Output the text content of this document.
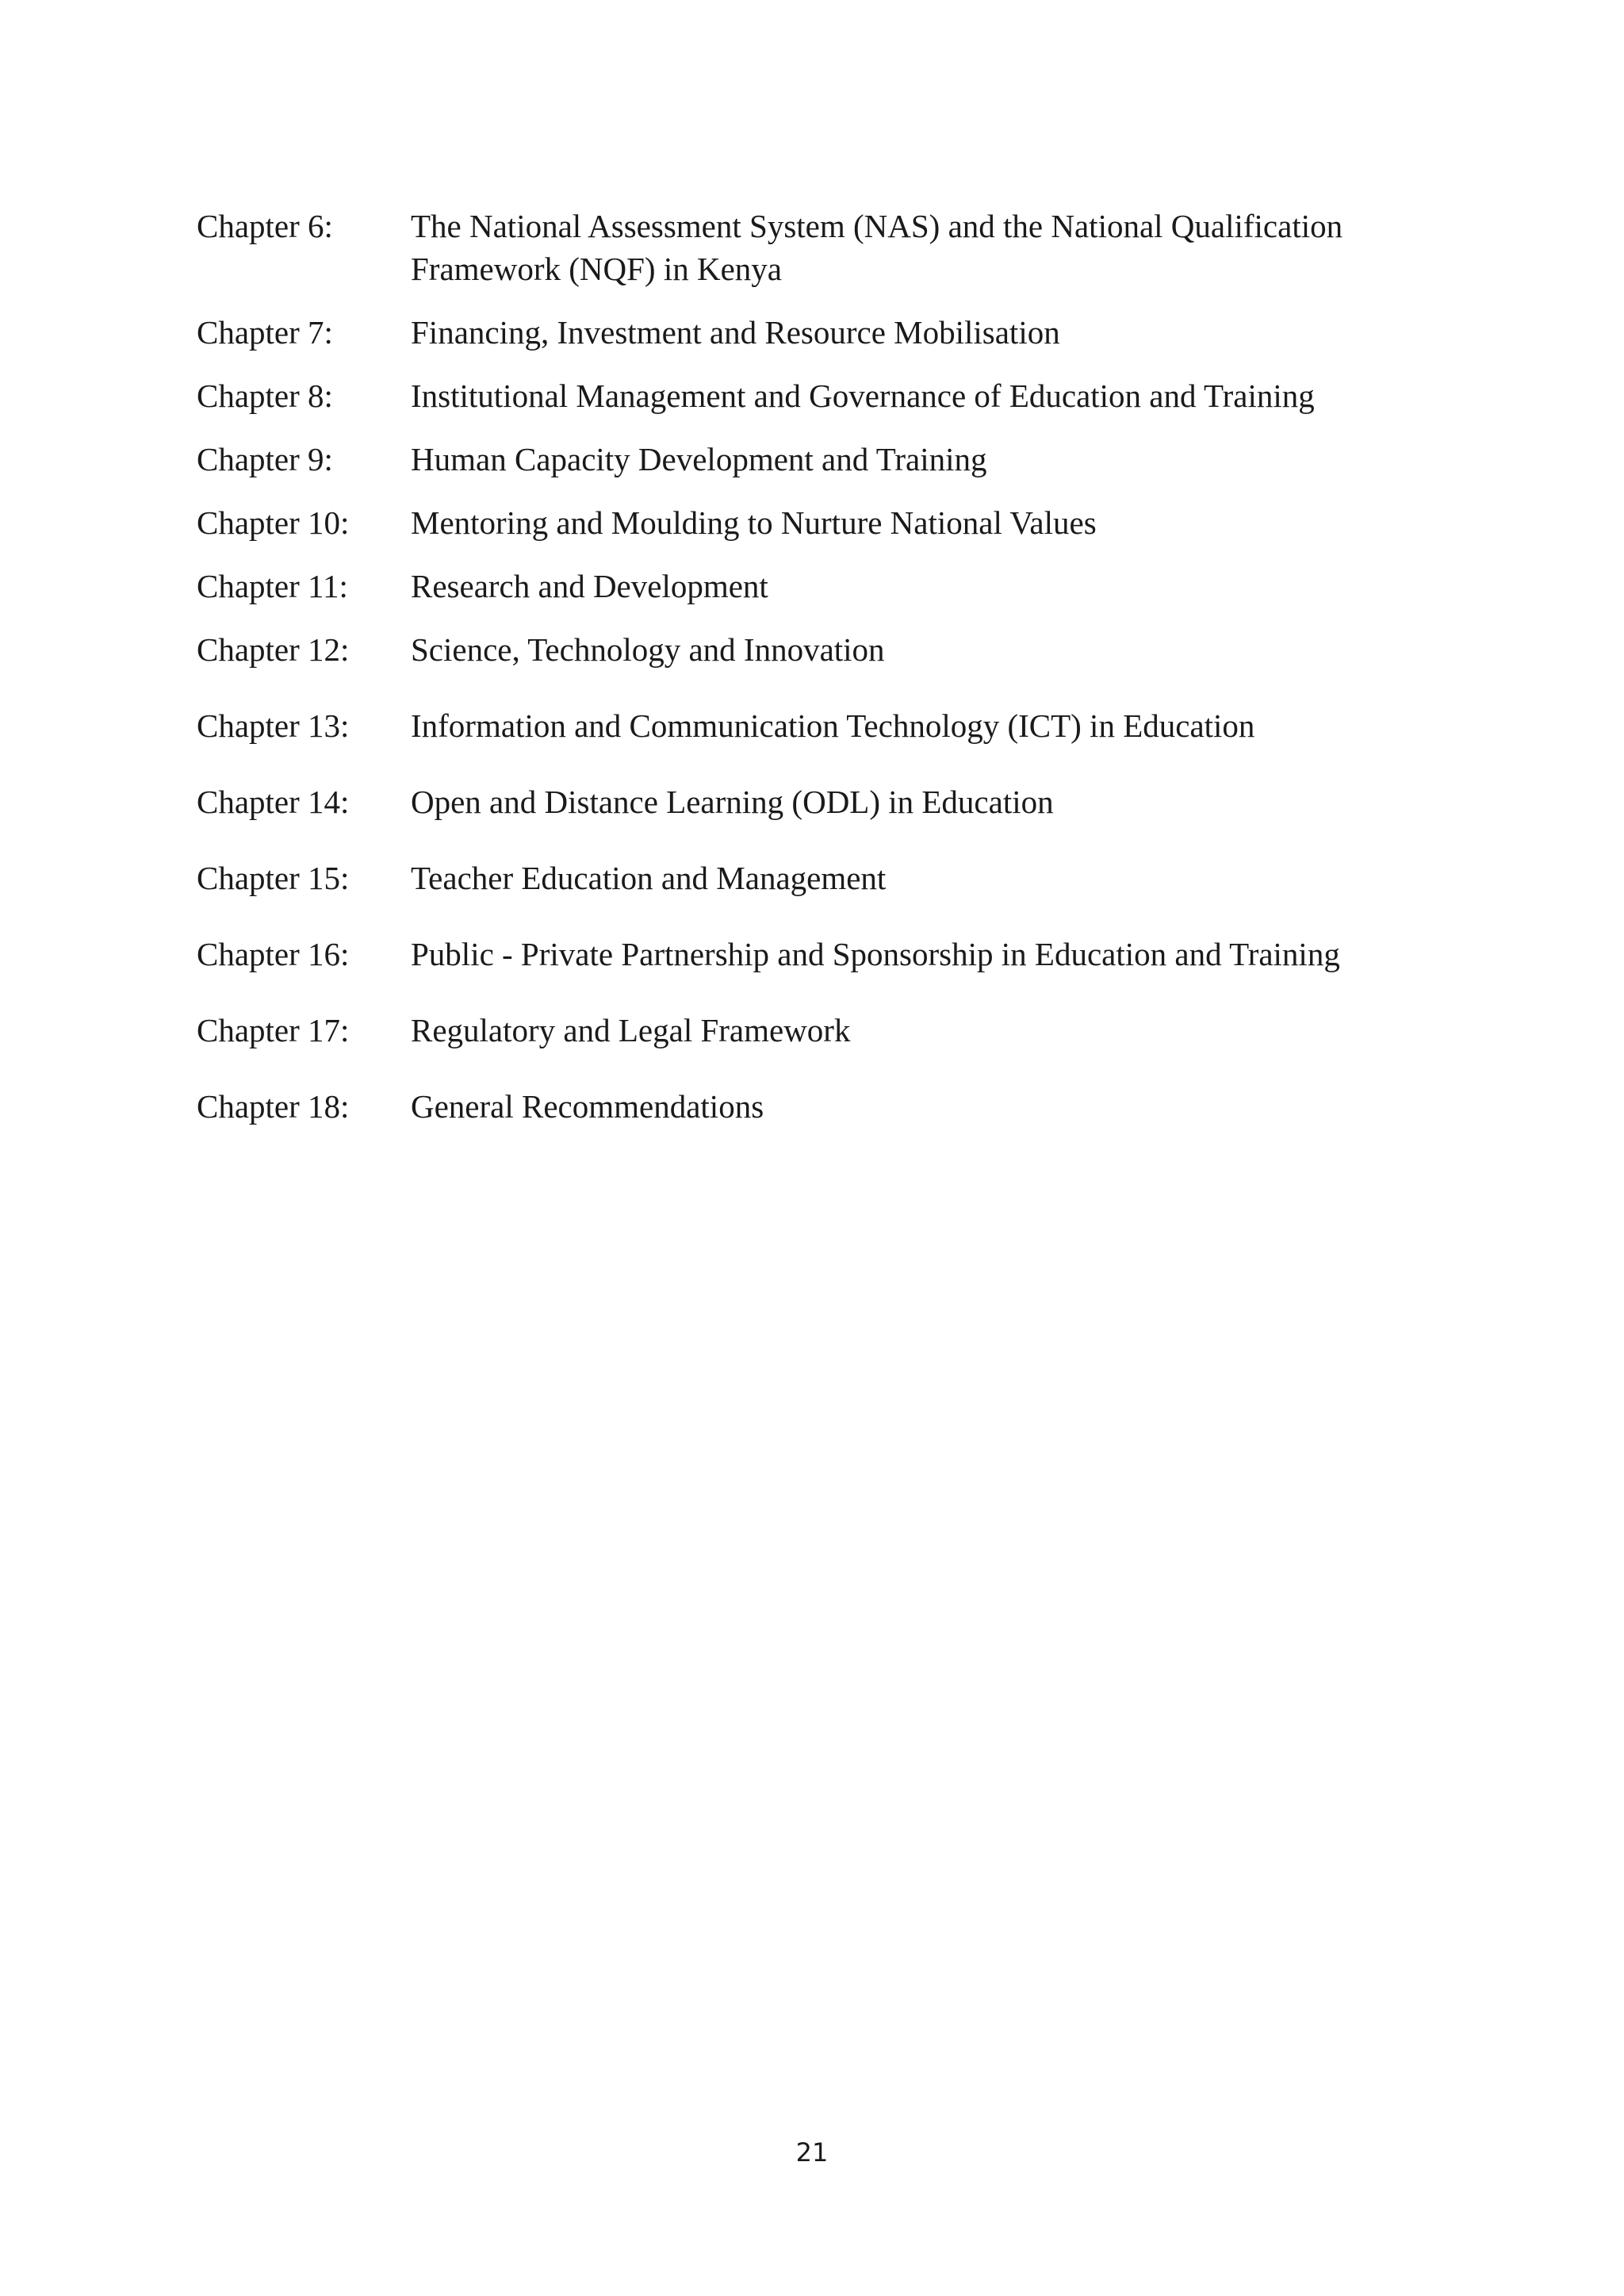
Chapter 6:	The National Assessment System (NAS) and the National Qualification Framework (NQF) in Kenya
Chapter 7:	Financing, Investment and Resource Mobilisation
Chapter 8:	Institutional Management and Governance of Education and Training
Chapter 9:	Human Capacity Development and Training
Chapter 10:	Mentoring and Moulding to Nurture National Values
Chapter 11:	Research and Development
Chapter 12:	Science, Technology and Innovation
Chapter 13:	Information and Communication Technology (ICT) in Education
Chapter 14:	Open and Distance Learning (ODL) in Education
Chapter 15:	Teacher Education and Management
Chapter 16:	Public - Private Partnership and Sponsorship in Education and Training
Chapter 17:	Regulatory and Legal Framework
Chapter 18:	General Recommendations
21
